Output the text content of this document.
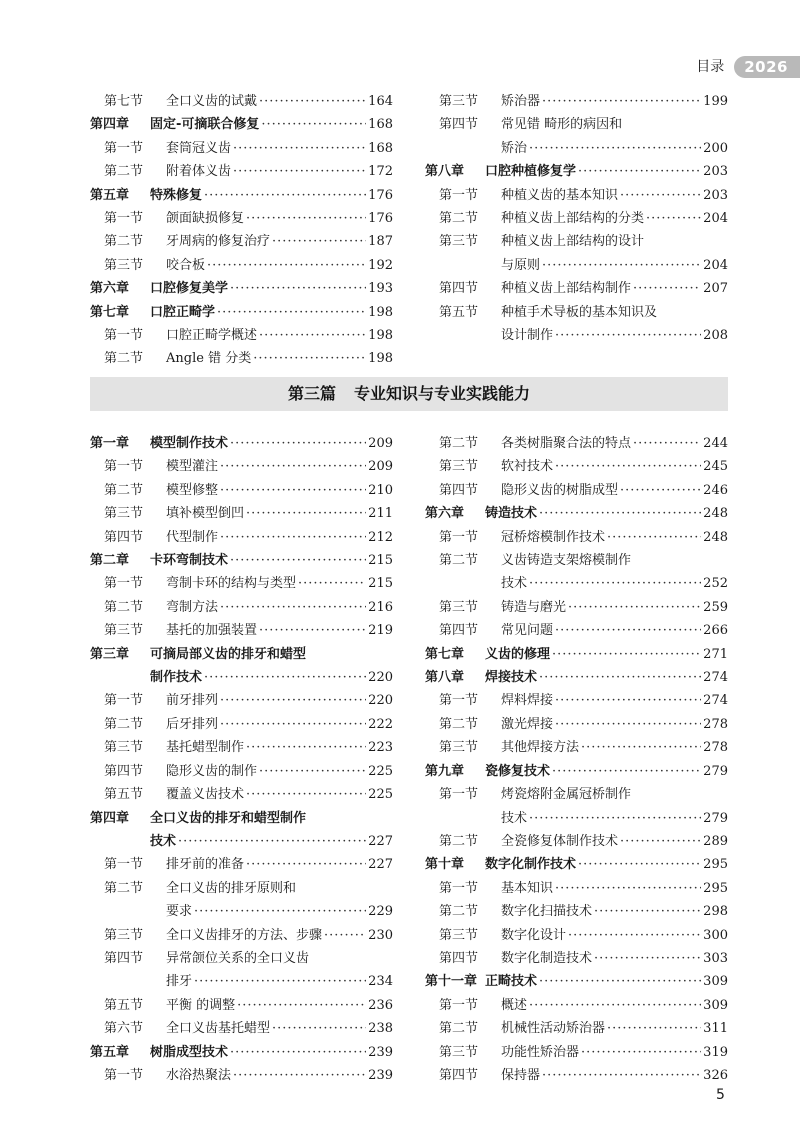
目录	2026
第七节	全口义齿的试戴 ·····	164
第四章	固定-可摘联合修复 ·····	168
第一节	套筒冠义齿 ·····	168
第二节	附着体义齿 ·····	172
第五章	特殊修复 ·····	176
第一节	颌面缺损修复 ·····	176
第二节	牙周病的修复治疗 ·····	187
第三节	咬合板 ·····	192
第六章	口腔修复美学 ·····	193
第七章	口腔正畸学 ·····	198
第一节	口腔正畸学概述 ·····	198
第二节	Angle 错 分类 ·····	198
第三节	矫治器 ·····	199
第四节	常见错 畸形的病因和
矫治 ·····	200
第八章	口腔种植修复学 ·····	203
第一节	种植义齿的基本知识 ·····	203
第二节	种植义齿上部结构的分类 ·····	204
第三节	种植义齿上部结构的设计
与原则 ·····	204
第四节	种植义齿上部结构制作 ·····	207
第五节	种植手术导板的基本知识及
设计制作 ·····	208
第三篇 专业知识与专业实践能力
第一章	模型制作技术 ·····	209
第一节	模型灌注 ·····	209
第二节	模型修整 ·····	210
第三节	填补模型倒凹 ·····	211
第四节	代型制作 ·····	212
第二章	卡环弯制技术 ·····	215
第一节	弯制卡环的结构与类型 ·····	215
第二节	弯制方法 ·····	216
第三节	基托的加强装置 ·····	219
第三章	可摘局部义齿的排牙和蜡型
制作技术 ·····	220
第一节	前牙排列 ·····	220
第二节	后牙排列 ·····	222
第三节	基托蜡型制作 ·····	223
第四节	隐形义齿的制作 ·····	225
第五节	覆盖义齿技术 ·····	225
第四章	全口义齿的排牙和蜡型制作
技术 ·····	227
第一节	排牙前的准备 ·····	227
第二节	全口义齿的排牙原则和
要求 ·····	229
第三节	全口义齿排牙的方法、步骤 ·····	230
第四节	异常颌位关系的全口义齿
排牙 ·····	234
第五节	平衡 的调整 ·····	236
第六节	全口义齿基托蜡型 ·····	238
第五章	树脂成型技术 ·····	239
第一节	水浴热聚法 ·····	239
第二节	各类树脂聚合法的特点 ·····	244
第三节	软衬技术 ·····	245
第四节	隐形义齿的树脂成型 ·····	246
第六章	铸造技术 ·····	248
第一节	冠桥熔模制作技术 ·····	248
第二节	义齿铸造支架熔模制作
技术 ·····	252
第三节	铸造与磨光 ·····	259
第四节	常见问题 ·····	266
第七章	义齿的修理 ·····	271
第八章	焊接技术 ·····	274
第一节	焊料焊接 ·····	274
第二节	激光焊接 ·····	278
第三节	其他焊接方法 ·····	278
第九章	瓷修复技术 ·····	279
第一节	烤瓷熔附金属冠桥制作
技术 ·····	279
第二节	全瓷修复体制作技术 ·····	289
第十章	数字化制作技术 ·····	295
第一节	基本知识 ·····	295
第二节	数字化扫描技术 ·····	298
第三节	数字化设计 ·····	300
第四节	数字化制造技术 ·····	303
第十一章 正畸技术 ·····	309
第一节	概述 ·····	309
第二节	机械性活动矫治器 ·····	311
第三节	功能性矫治器 ·····	319
第四节	保持器 ·····	326
5
